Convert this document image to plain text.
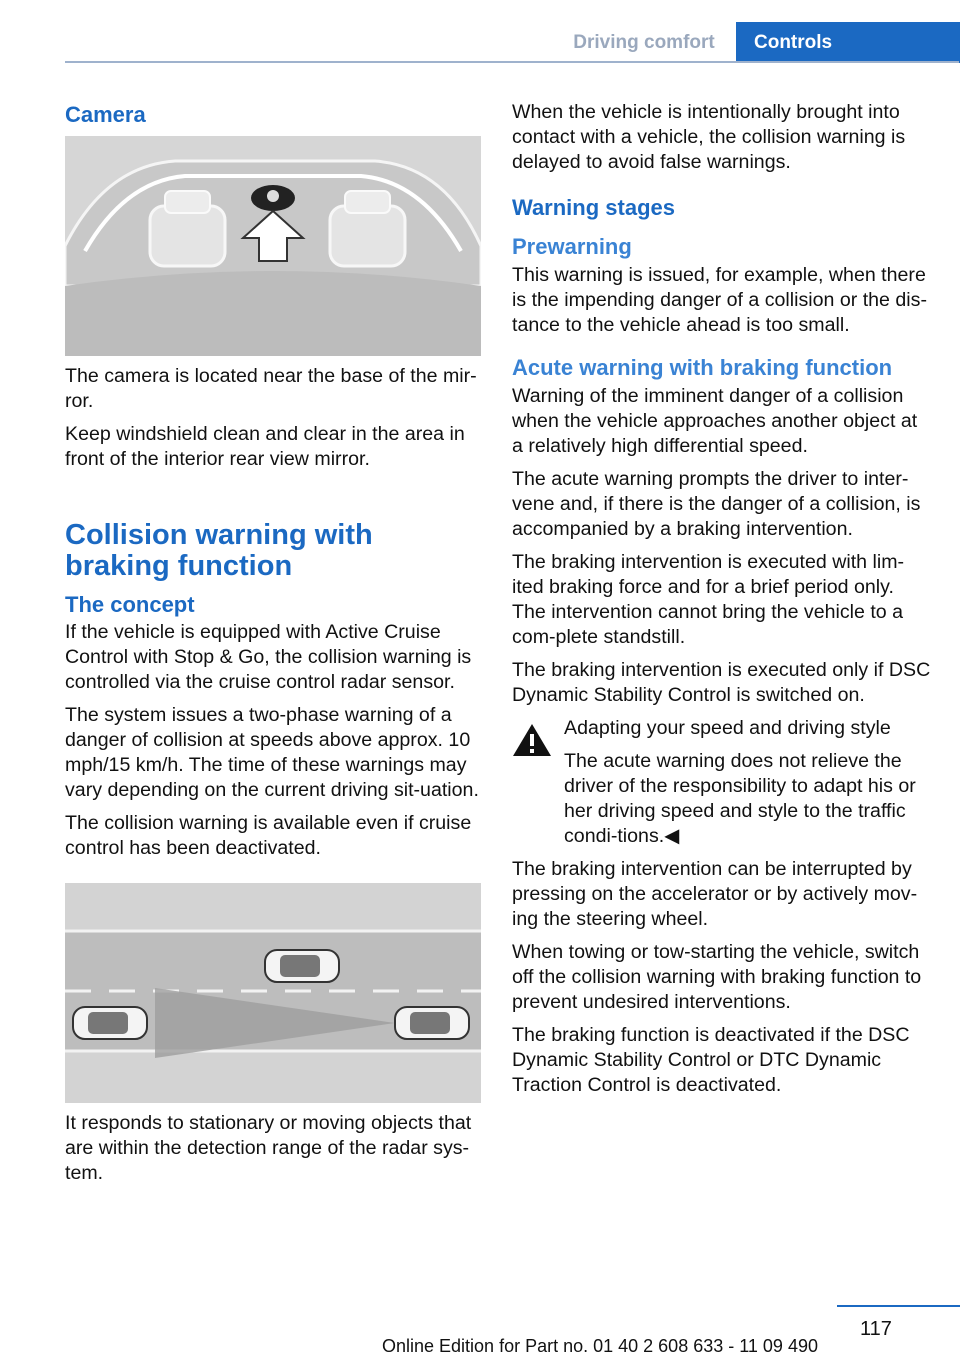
Driving comfort Controls
Camera

The camera is located near the base of the mir-ror.

Keep windshield clean and clear in the area in front of the interior rear view mirror.

Collision warning with braking function
The concept

If the vehicle is equipped with Active Cruise Control with Stop & Go, the collision warning is controlled via the cruise control radar sensor.

The system issues a two-phase warning of a danger of collision at speeds above approx. 10 mph/15 km/h. The time of these warnings may vary depending on the current driving sit-uation.

The collision warning is available even if cruise control has been deactivated.

It responds to stationary or moving objects that are within the detection range of the radar sys-tem.

When the vehicle is intentionally brought into contact with a vehicle, the collision warning is delayed to avoid false warnings.

Warning stages
Prewarning

This warning is issued, for example, when there is the impending danger of a collision or the dis-tance to the vehicle ahead is too small.

Acute warning with braking function

Warning of the imminent danger of a collision when the vehicle approaches another object at a relatively high differential speed.

The acute warning prompts the driver to inter-vene and, if there is the danger of a collision, is accompanied by a braking intervention.

The braking intervention is executed with lim-ited braking force and for a brief period only. The intervention cannot bring the vehicle to a com-plete standstill.

The braking intervention is executed only if DSC Dynamic Stability Control is switched on.

Adapting your speed and driving style

The acute warning does not relieve the driver of the responsibility to adapt his or her driving speed and style to the traffic condi-tions.◀

The braking intervention can be interrupted by pressing on the accelerator or by actively mov-ing the steering wheel.

When towing or tow-starting the vehicle, switch off the collision warning with braking function to prevent undesired interventions.

The braking function is deactivated if the DSC Dynamic Stability Control or DTC Dynamic Traction Control is deactivated.

117
Online Edition for Part no. 01 40 2 608 633 - 11 09 490
